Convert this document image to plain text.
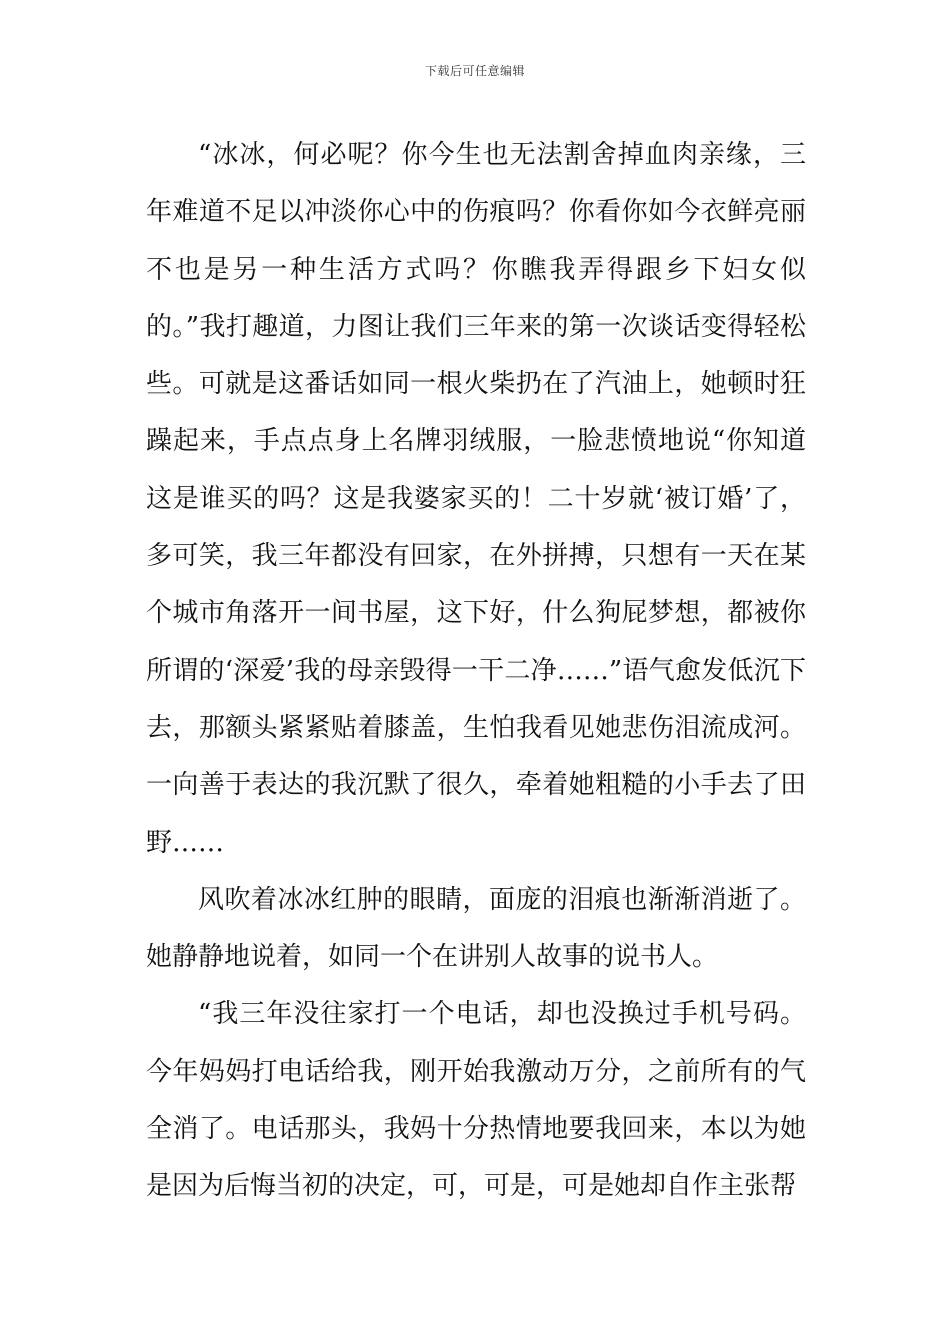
下载后可任意编辑

“冰冰，何必呢？你今生也无法割舍掉血肉亲缘，三年难道不足以冲淡你心中的伤痕吗？你看你如今衣鲜亮丽不也是另一种生活方式吗？你瞧我弄得跟乡下妇女似的。”我打趣道，力图让我们三年来的第一次谈话变得轻松些。可就是这番话如同一根火柴扔在了汽油上，她顿时狂躁起来，手点点身上名牌羽绒服，一脸悲愤地说“你知道这是谁买的吗？这是我婆家买的！二十岁就‘被订婚’了，多可笑，我三年都没有回家，在外拼搏，只想有一天在某个城市角落开一间书屋，这下好，什么狗屁梦想，都被你所谓的‘深爱’我的母亲毁得一干二净……”语气愈发低沉下去，那额头紧紧贴着膝盖，生怕我看见她悲伤泪流成河。一向善于表达的我沉默了很久，牵着她粗糙的小手去了田野……

风吹着冰冰红肿的眼睛，面庞的泪痕也渐渐消逝了。她静静地说着，如同一个在讲别人故事的说书人。

“我三年没往家打一个电话，却也没换过手机号码。今年妈妈打电话给我，刚开始我激动万分，之前所有的气全消了。电话那头，我妈十分热情地要我回来，本以为她是因为后悔当初的决定，可，可是，可是她却自作主张帮
